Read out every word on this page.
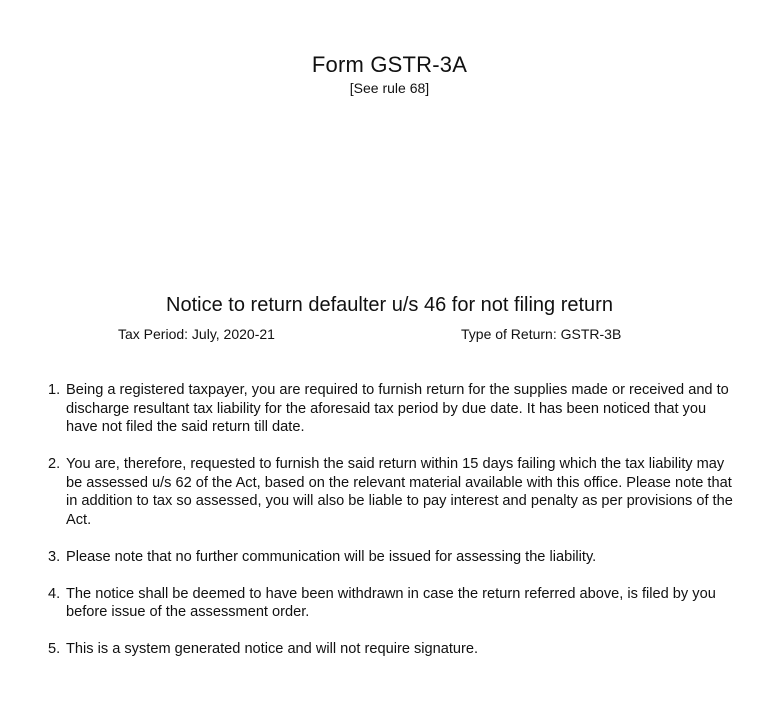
Form GSTR-3A
[See rule 68]
Notice to return defaulter u/s 46 for not filing return
Tax Period: July, 2020-21	Type of Return: GSTR-3B
1. Being a registered taxpayer, you are required to furnish return for the supplies made or received and to discharge resultant tax liability for the aforesaid tax period by due date. It has been noticed that you have not filed the said return till date.
2. You are, therefore, requested to furnish the said return within 15 days failing which the tax liability may be assessed u/s 62 of the Act, based on the relevant material available with this office. Please note that in addition to tax so assessed, you will also be liable to pay interest and penalty as per provisions of the Act.
3. Please note that no further communication will be issued for assessing the liability.
4. The notice shall be deemed to have been withdrawn in case the return referred above, is filed by you before issue of the assessment order.
5. This is a system generated notice and will not require signature.
